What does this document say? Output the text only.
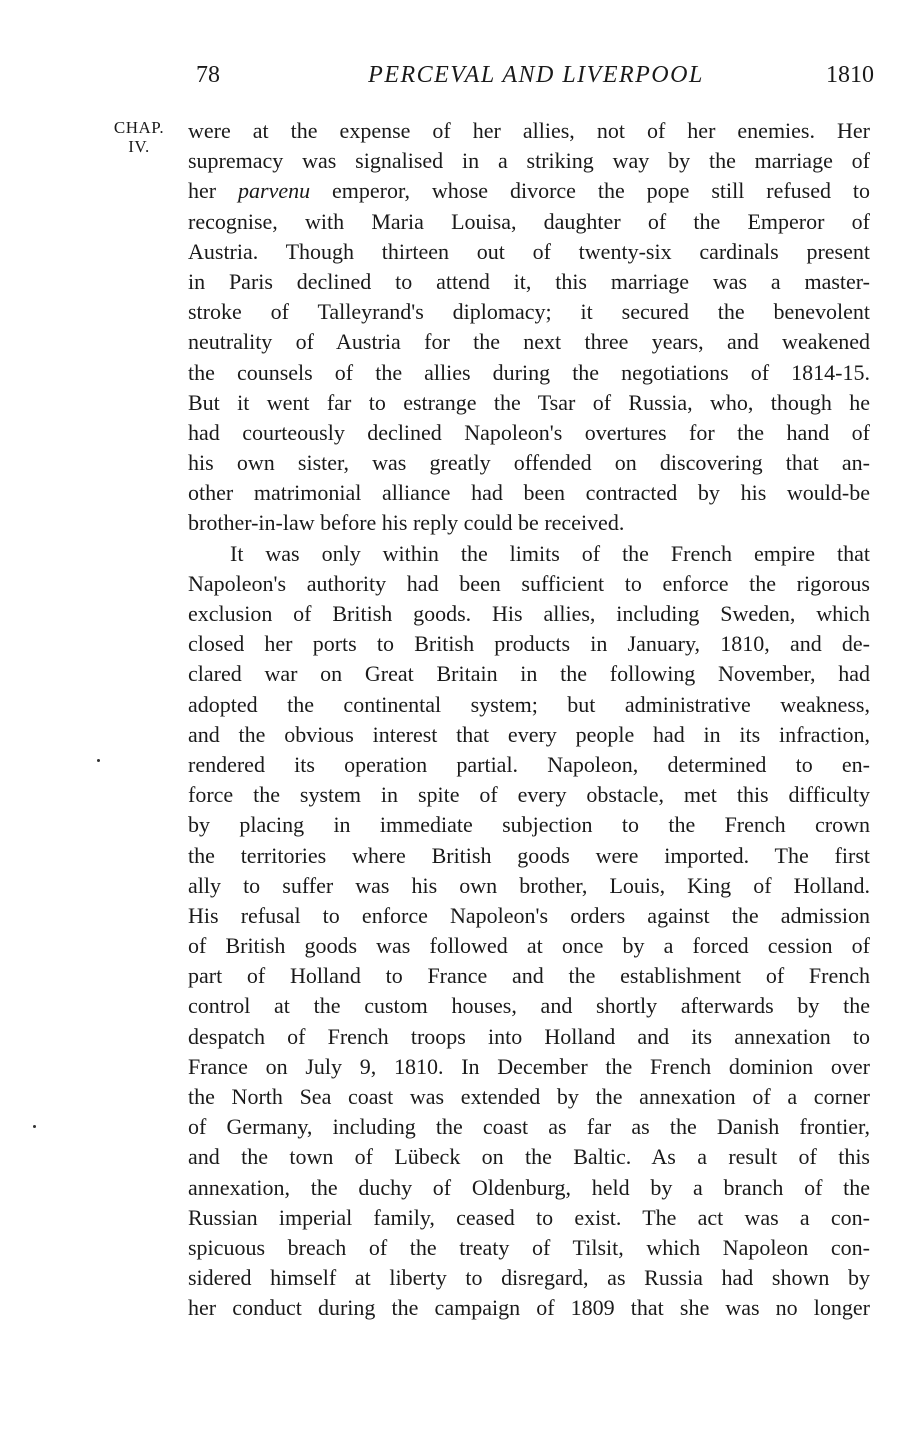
78	PERCEVAL AND LIVERPOOL	1810
CHAP.
IV.
were at the expense of her allies, not of her enemies. Her
supremacy was signalised in a striking way by the marriage of
her parvenu emperor, whose divorce the pope still refused to
recognise, with Maria Louisa, daughter of the Emperor of
Austria. Though thirteen out of twenty-six cardinals present
in Paris declined to attend it, this marriage was a master-
stroke of Talleyrand's diplomacy; it secured the benevolent
neutrality of Austria for the next three years, and weakened
the counsels of the allies during the negotiations of 1814-15.
But it went far to estrange the Tsar of Russia, who, though he
had courteously declined Napoleon's overtures for the hand of
his own sister, was greatly offended on discovering that an-
other matrimonial alliance had been contracted by his would-be
brother-in-law before his reply could be received.
It was only within the limits of the French empire that
Napoleon's authority had been sufficient to enforce the rigorous
exclusion of British goods. His allies, including Sweden, which
closed her ports to British products in January, 1810, and de-
clared war on Great Britain in the following November, had
adopted the continental system; but administrative weakness,
and the obvious interest that every people had in its infraction,
rendered its operation partial. Napoleon, determined to en-
force the system in spite of every obstacle, met this difficulty
by placing in immediate subjection to the French crown
the territories where British goods were imported. The first
ally to suffer was his own brother, Louis, King of Holland.
His refusal to enforce Napoleon's orders against the admission
of British goods was followed at once by a forced cession of
part of Holland to France and the establishment of French
control at the custom houses, and shortly afterwards by the
despatch of French troops into Holland and its annexation to
France on July 9, 1810. In December the French dominion over
the North Sea coast was extended by the annexation of a corner
of Germany, including the coast as far as the Danish frontier,
and the town of Lübeck on the Baltic. As a result of this
annexation, the duchy of Oldenburg, held by a branch of the
Russian imperial family, ceased to exist. The act was a con-
spicuous breach of the treaty of Tilsit, which Napoleon con-
sidered himself at liberty to disregard, as Russia had shown by
her conduct during the campaign of 1809 that she was no longer
